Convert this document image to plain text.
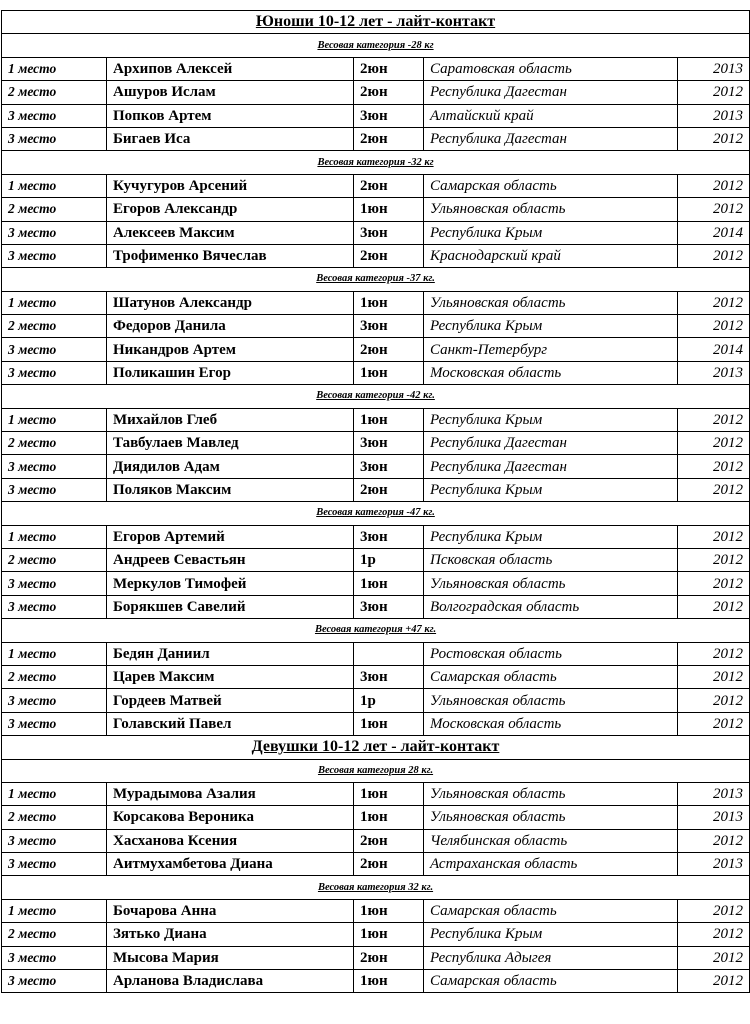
Юноши 10-12 лет - лайт-контакт				
Весовая категория -28 кг				
1 место	Архипов Алексей	2юн	Саратовская область	2013
2 место	Ашуров Ислам	2юн	Республика Дагестан	2012
3 место	Попков Артем	3юн	Алтайский край	2013
3 место	Бигаев Иса	2юн	Республика Дагестан	2012
Весовая категория -32 кг				
1 место	Кучугуров Арсений	2юн	Самарская область	2012
2 место	Егоров Александр	1юн	Ульяновская область	2012
3 место	Алексеев Максим	3юн	Республика Крым	2014
3 место	Трофименко Вячеслав	2юн	Краснодарский край	2012
Весовая категория -37 кг.				
1 место	Шатунов Александр	1юн	Ульяновская область	2012
2 место	Федоров Данила	3юн	Республика Крым	2012
3 место	Никандров Артем	2юн	Санкт-Петербург	2014
3 место	Поликашин Егор	1юн	Московская область	2013
Весовая категория -42 кг.				
1 место	Михайлов Глеб	1юн	Республика Крым	2012
2 место	Тавбулаев Мавлед	3юн	Республика Дагестан	2012
3 место	Диядилов Адам	3юн	Республика Дагестан	2012
3 место	Поляков Максим	2юн	Республика Крым	2012
Весовая категория -47 кг.				
1 место	Егоров Артемий	3юн	Республика Крым	2012
2 место	Андреев Севастьян	1р	Псковская область	2012
3 место	Меркулов Тимофей	1юн	Ульяновская область	2012
3 место	Борякшев Савелий	3юн	Волгоградская область	2012
Весовая категория +47 кг.				
1 место	Бедян Даниил		Ростовская область	2012
2 место	Царев Максим	3юн	Самарская область	2012
3 место	Гордеев Матвей	1р	Ульяновская область	2012
3 место	Голавский Павел	1юн	Московская область	2012
Девушки 10-12 лет - лайт-контакт				
Весовая категория 28 кг.				
1 место	Мурадымова Азалия	1юн	Ульяновская область	2013
2 место	Корсакова Вероника	1юн	Ульяновская область	2013
3 место	Хасханова Ксения	2юн	Челябинская область	2012
3 место	Аитмухамбетова Диана	2юн	Астраханская область	2013
Весовая категория 32 кг.				
1 место	Бочарова Анна	1юн	Самарская область	2012
2 место	Зятько Диана	1юн	Республика Крым	2012
3 место	Мысова Мария	2юн	Республика Адыгея	2012
3 место	Арланова Владислава	1юн	Самарская область	2012
